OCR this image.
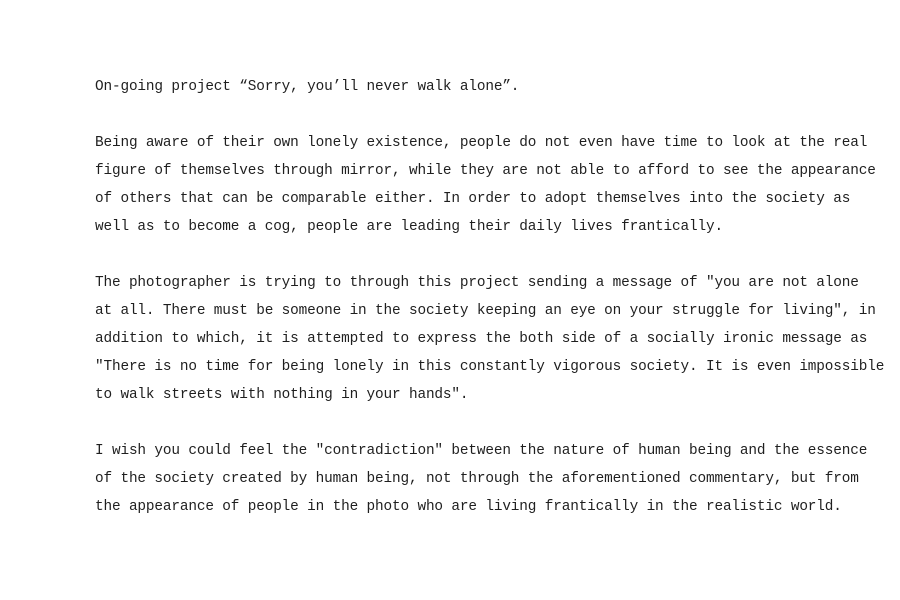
On-going project “Sorry, you’ll never walk alone”.

Being aware of their own lonely existence, people do not even have time to look at the real
figure of themselves through mirror, while they are not able to afford to see the appearance
of others that can be comparable either. In order to adopt themselves into the society as
well as to become a cog, people are leading their daily lives frantically.

The photographer is trying to through this project sending a message of "you are not alone
at all. There must be someone in the society keeping an eye on your struggle for living", in
addition to which, it is attempted to express the both side of a socially ironic message as
"There is no time for being lonely in this constantly vigorous society. It is even impossible
to walk streets with nothing in your hands".

I wish you could feel the "contradiction" between the nature of human being and the essence
of the society created by human being, not through the aforementioned commentary, but from
the appearance of people in the photo who are living frantically in the realistic world.
